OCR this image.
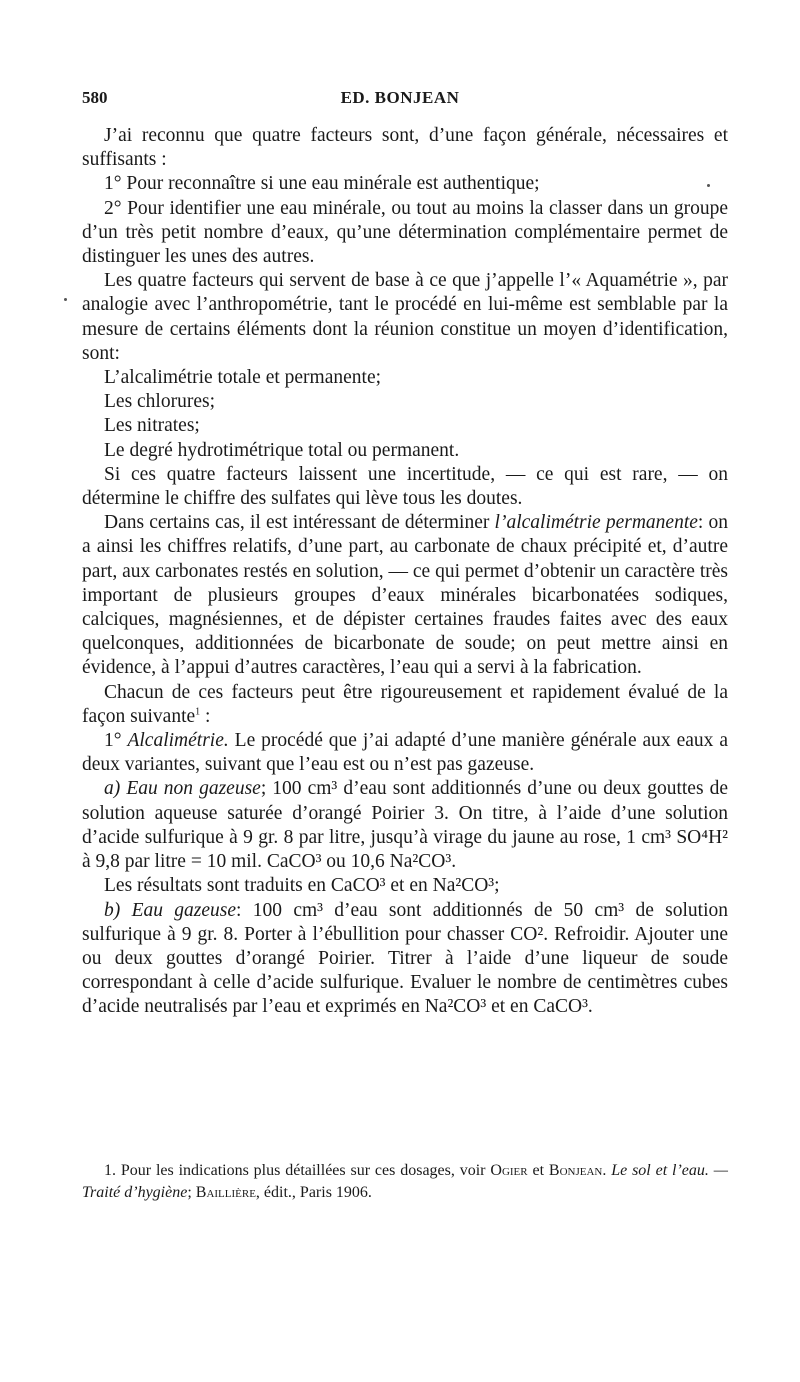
580	ED. BONJEAN

J’ai reconnu que quatre facteurs sont, d’une façon générale, nécessaires et suffisants :

1° Pour reconnaître si une eau minérale est authentique;

2° Pour identifier une eau minérale, ou tout au moins la classer dans un groupe d’un très petit nombre d’eaux, qu’une détermination complémentaire permet de distinguer les unes des autres.

Les quatre facteurs qui servent de base à ce que j’appelle l’« Aquamétrie », par analogie avec l’anthropométrie, tant le procédé en lui-même est semblable par la mesure de certains éléments dont la réunion constitue un moyen d’identification, sont:

L’alcalimétrie totale et permanente;

Les chlorures;

Les nitrates;

Le degré hydrotimétrique total ou permanent.

Si ces quatre facteurs laissent une incertitude, — ce qui est rare, — on détermine le chiffre des sulfates qui lève tous les doutes.

Dans certains cas, il est intéressant de déterminer l’alcalimétrie permanente: on a ainsi les chiffres relatifs, d’une part, au carbonate de chaux précipité et, d’autre part, aux carbonates restés en solution, — ce qui permet d’obtenir un caractère très important de plusieurs groupes d’eaux minérales bicarbonatées sodiques, calciques, magnésiennes, et de dépister certaines fraudes faites avec des eaux quelconques, additionnées de bicarbonate de soude; on peut mettre ainsi en évidence, à l’appui d’autres caractères, l’eau qui a servi à la fabrication.

Chacun de ces facteurs peut être rigoureusement et rapidement évalué de la façon suivante$^1$ :

1° Alcalimétrie. Le procédé que j’ai adapté d’une manière générale aux eaux a deux variantes, suivant que l’eau est ou n’est pas gazeuse.

a) Eau non gazeuse; 100 cm³ d’eau sont additionnés d’une ou deux gouttes de solution aqueuse saturée d’orangé Poirier 3. On titre, à l’aide d’une solution d’acide sulfurique à 9 gr. 8 par litre, jusqu’à virage du jaune au rose, 1 cm³ SO⁴H² à 9,8 par litre = 10 mil. CaCO³ ou 10,6 Na²CO³.

Les résultats sont traduits en CaCO³ et en Na²CO³;

b) Eau gazeuse: 100 cm³ d’eau sont additionnés de 50 cm³ de solution sulfurique à 9 gr. 8. Porter à l’ébullition pour chasser CO². Refroidir. Ajouter une ou deux gouttes d’orangé Poirier. Titrer à l’aide d’une liqueur de soude correspondant à celle d’acide sulfurique. Evaluer le nombre de centimètres cubes d’acide neutralisés par l’eau et exprimés en Na²CO³ et en CaCO³.

1. Pour les indications plus détaillées sur ces dosages, voir Ogier et Bonjean. Le sol et l’eau. — Traité d’hygiène; Baillière, édit., Paris 1906.
